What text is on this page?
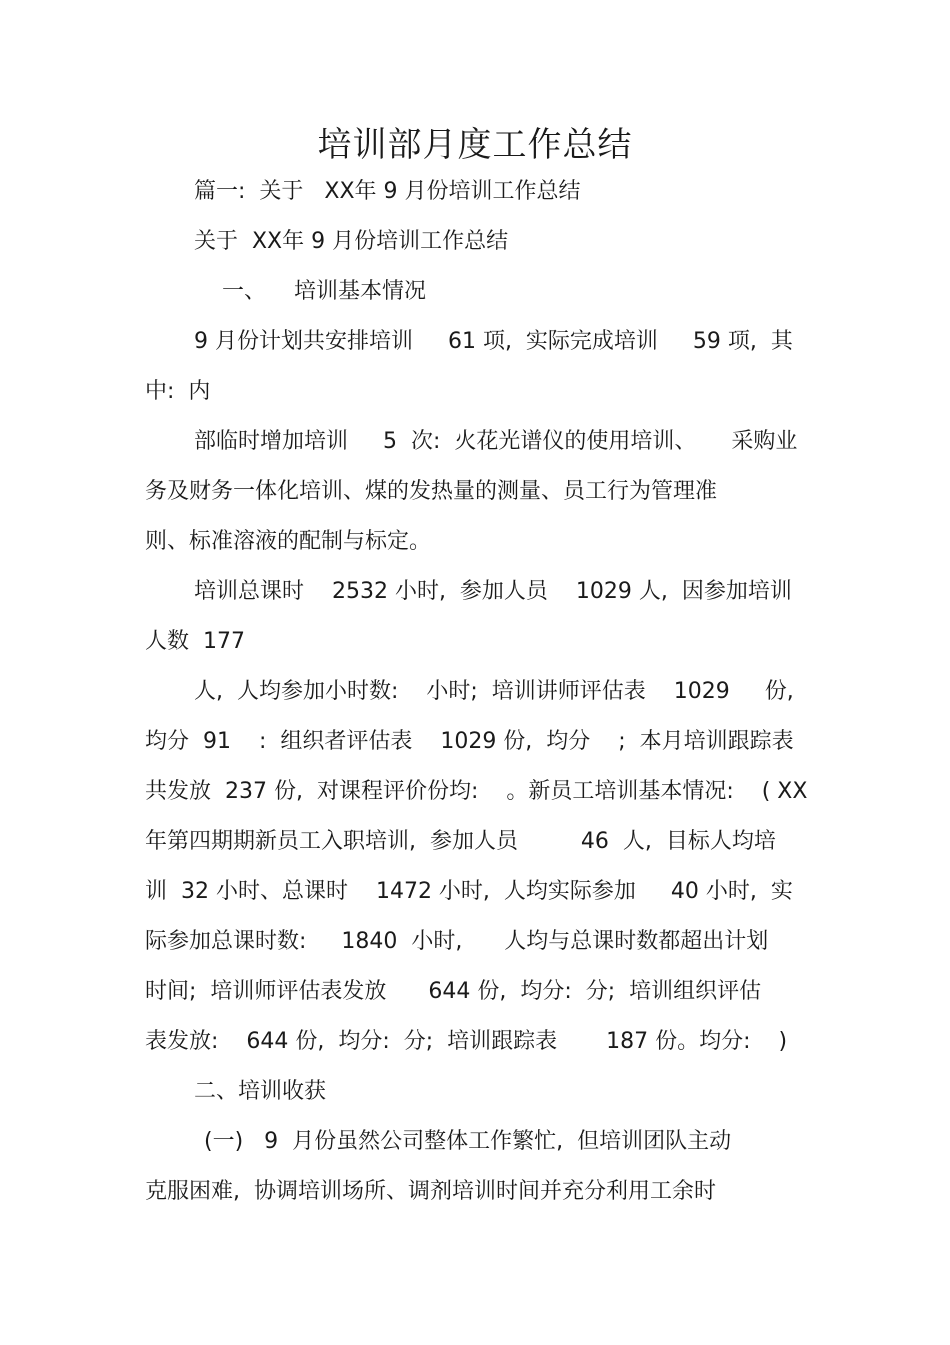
培训部月度工作总结
篇一:  关于   XX年 9 月份培训工作总结
关于  XX年 9 月份培训工作总结
一、    培训基本情况
9 月份计划共安排培训     61 项,  实际完成培训     59 项,  其
中:  内
部临时增加培训     5  次:  火花光谱仪的使用培训、     采购业
务及财务一体化培训、煤的发热量的测量、员工行为管理准
则、标准溶液的配制与标定。
培训总课时    2532 小时,  参加人员    1029 人,  因参加培训
人数  177
人,  人均参加小时数:    小时;  培训讲师评估表    1029     份,
均分  91    :  组织者评估表    1029 份,  均分    ;  本月培训跟踪表
共发放  237 份,  对课程评价份均:    。新员工培训基本情况:    ( XX
年第四期期新员工入职培训,  参加人员         46  人,  目标人均培
训  32 小时、总课时    1472 小时,  人均实际参加     40 小时,  实
际参加总课时数:     1840  小时,      人均与总课时数都超出计划
时间;  培训师评估表发放      644 份,  均分:  分;  培训组织评估
表发放:    644 份,  均分:  分;  培训跟踪表       187 份。均分:    )
二、培训收获
(一)   9  月份虽然公司整体工作繁忙,  但培训团队主动
克服困难,  协调培训场所、调剂培训时间并充分利用工余时
